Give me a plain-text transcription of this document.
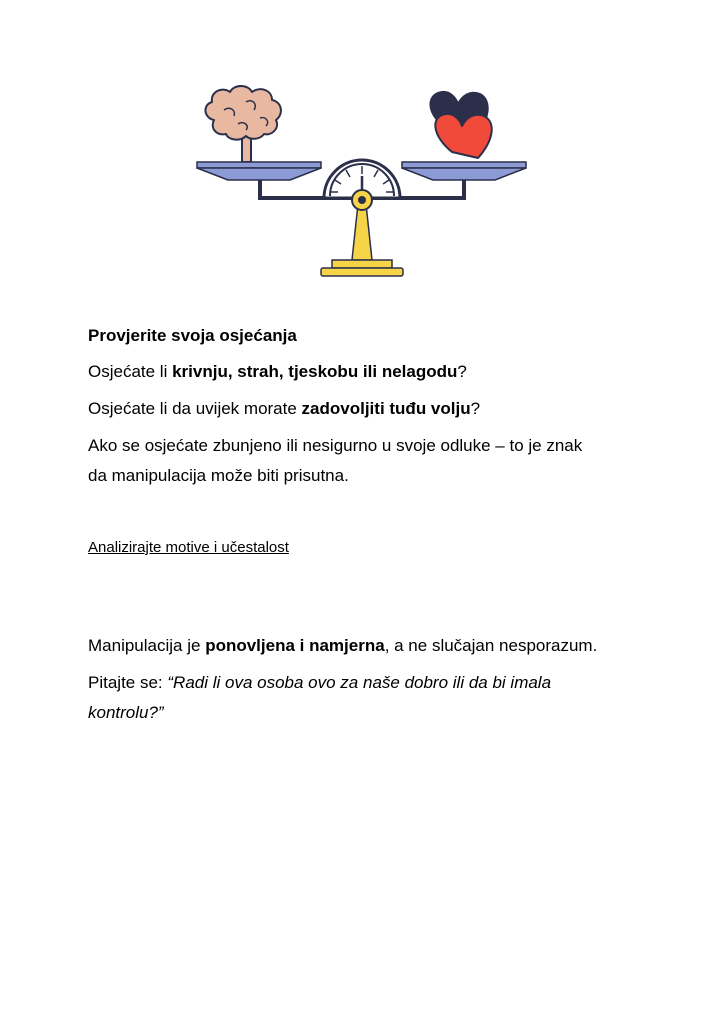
Provjerite svoja osjećanja
Osjećate li krivnju, strah, tjeskobu ili nelagodu?
Osjećate li da uvijek morate zadovoljiti tuđu volju?
Ako se osjećate zbunjeno ili nesigurno u svoje odluke – to je znak
da manipulacija može biti prisutna.
Analizirajte motive i učestalost
Manipulacija je ponovljena i namjerna, a ne slučajan nesporazum.
Pitajte se: “Radi li ova osoba ovo za naše dobro ili da bi imala
kontrolu?”
